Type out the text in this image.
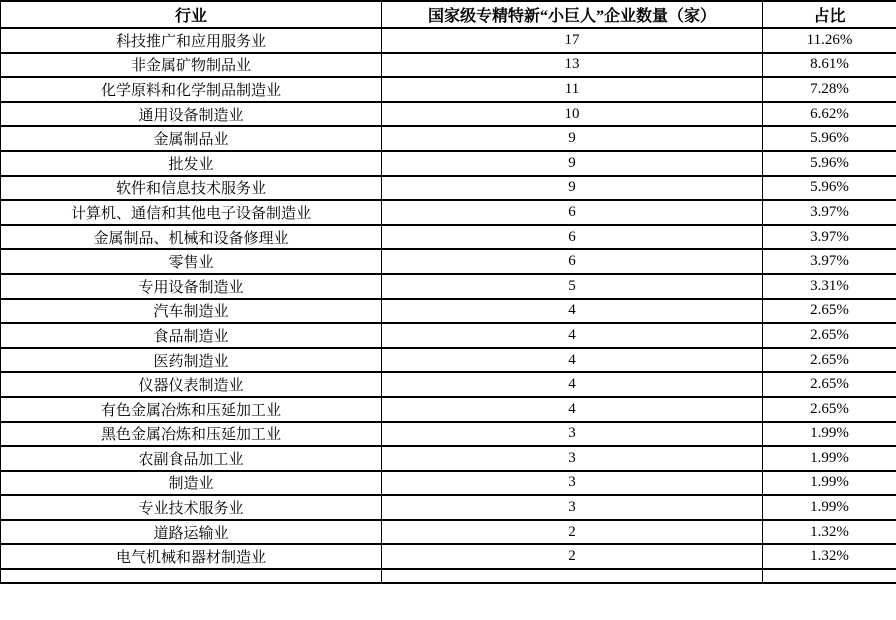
行业	国家级专精特新“小巨人”企业数量（家）	占比
科技推广和应用服务业	17	11.26%
非金属矿物制品业	13	8.61%
化学原料和化学制品制造业	11	7.28%
通用设备制造业	10	6.62%
金属制品业	9	5.96%
批发业	9	5.96%
软件和信息技术服务业	9	5.96%
计算机、通信和其他电子设备制造业	6	3.97%
金属制品、机械和设备修理业	6	3.97%
零售业	6	3.97%
专用设备制造业	5	3.31%
汽车制造业	4	2.65%
食品制造业	4	2.65%
医药制造业	4	2.65%
仪器仪表制造业	4	2.65%
有色金属冶炼和压延加工业	4	2.65%
黑色金属冶炼和压延加工业	3	1.99%
农副食品加工业	3	1.99%
制造业	3	1.99%
专业技术服务业	3	1.99%
道路运输业	2	1.32%
电气机械和器材制造业	2	1.32%
